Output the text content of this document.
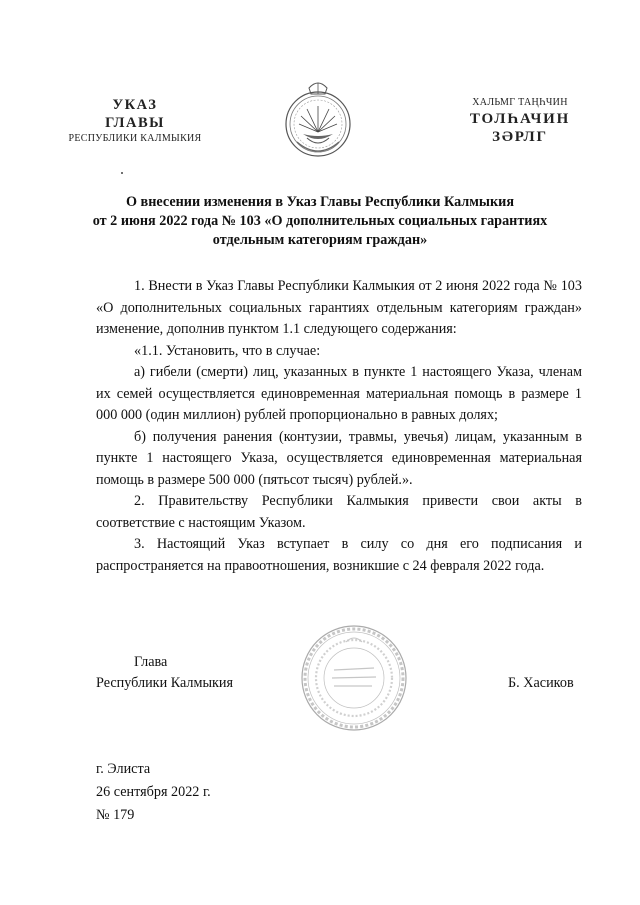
УКАЗ
ГЛАВЫ
РЕСПУБЛИКИ КАЛМЫКИЯ
ХАЛЬМГ ТАҢҺЧИН
ТОЛҺАЧИН
ЗӘРЛГ
О внесении изменения в Указ Главы Республики Калмыкия
от 2 июня 2022 года № 103 «О дополнительных социальных гарантиях
отдельным категориям граждан»

1. Внести в Указ Главы Республики Калмыкия от 2 июня 2022 года № 103 «О дополнительных социальных гарантиях отдельным категориям граждан» изменение, дополнив пунктом 1.1 следующего содержания:

«1.1. Установить, что в случае:

а) гибели (смерти) лиц, указанных в пункте 1 настоящего Указа, членам их семей осуществляется единовременная материальная помощь в размере 1 000 000 (один миллион) рублей пропорционально в равных долях;

б) получения ранения (контузии, травмы, увечья) лицам, указанным в пункте 1 настоящего Указа, осуществляется единовременная материальная помощь в размере 500 000 (пятьсот тысяч) рублей.».

2. Правительству Республики Калмыкия привести свои акты в соответствие с настоящим Указом.

3. Настоящий Указ вступает в силу со дня его подписания и распространяется на правоотношения, возникшие с 24 февраля 2022 года.

Глава
Республики Калмыкия	Б. Хасиков
г. Элиста
26 сентября 2022 г.
№ 179
